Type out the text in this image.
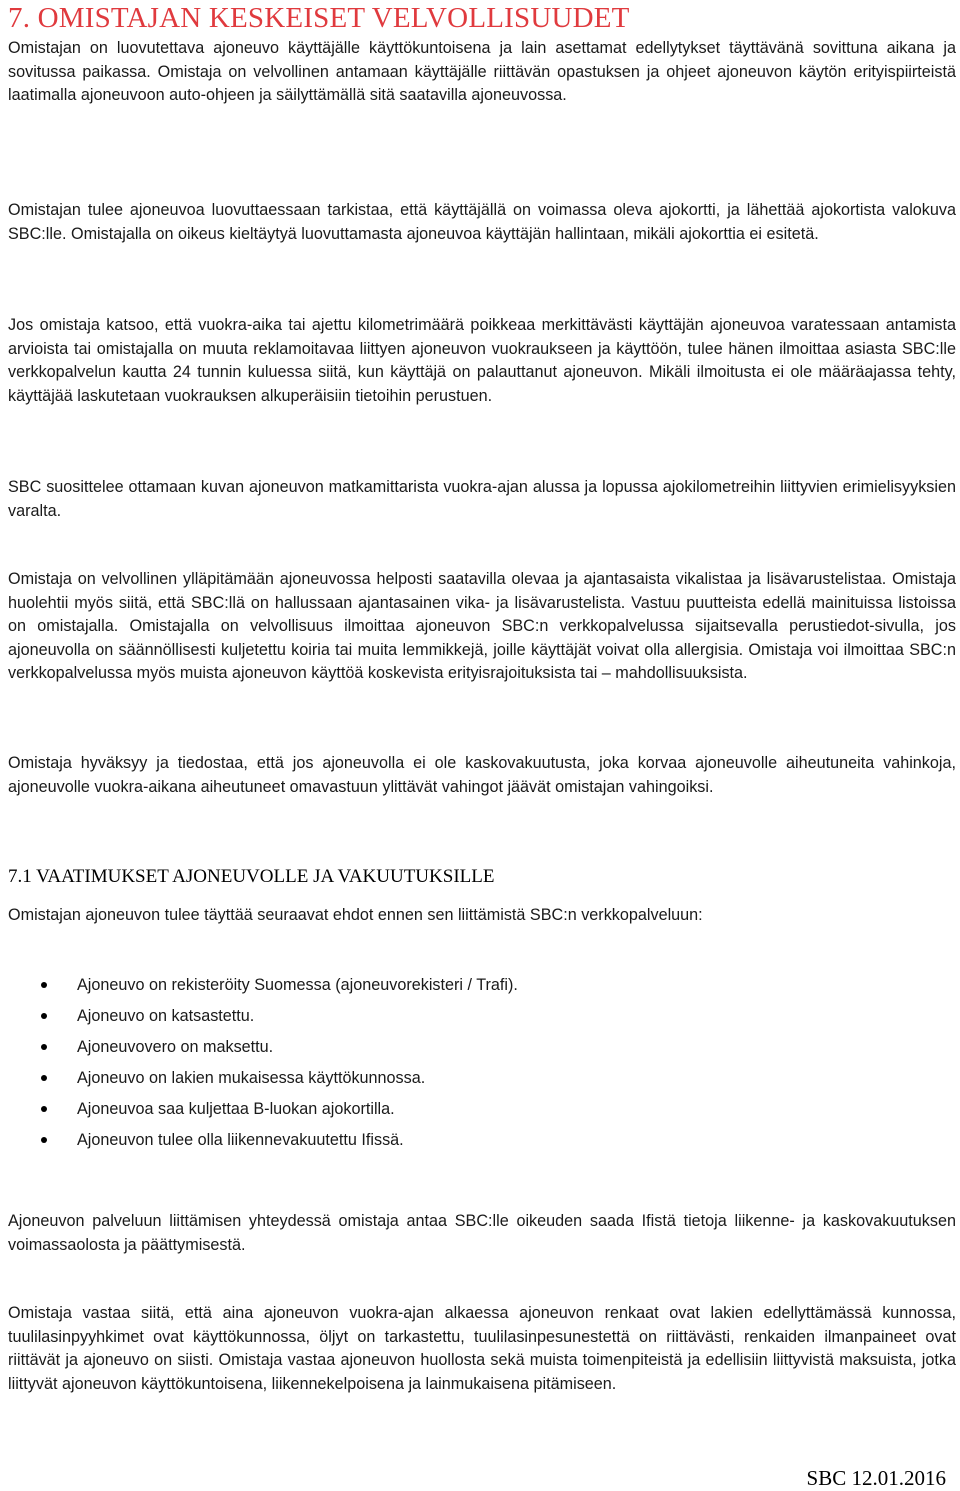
7. OMISTAJAN KESKEISET VELVOLLISUUDET

Omistajan on luovutettava ajoneuvo käyttäjälle käyttökuntoisena ja lain asettamat edellytykset täyttävänä sovittuna aikana ja sovitussa paikassa. Omistaja on velvollinen antamaan käyttäjälle riittävän opastuksen ja ohjeet ajoneuvon käytön erityispiirteistä laatimalla ajoneuvoon auto-ohjeen ja säilyttämällä sitä saatavilla ajoneuvossa.

Omistajan tulee ajoneuvoa luovuttaessaan tarkistaa, että käyttäjällä on voimassa oleva ajokortti, ja lähettää ajokortista valokuva SBC:lle. Omistajalla on oikeus kieltäytyä luovuttamasta ajoneuvoa käyttäjän hallintaan, mikäli ajokorttia ei esitetä.

Jos omistaja katsoo, että vuokra-aika tai ajettu kilometrimäärä poikkeaa merkittävästi käyttäjän ajoneuvoa varatessaan antamista arvioista tai omistajalla on muuta reklamoitavaa liittyen ajoneuvon vuokraukseen ja käyttöön, tulee hänen ilmoittaa asiasta SBC:lle verkkopalvelun kautta 24 tunnin kuluessa siitä, kun käyttäjä on palauttanut ajoneuvon. Mikäli ilmoitusta ei ole määräajassa tehty, käyttäjää laskutetaan vuokrauksen alkuperäisiin tietoihin perustuen.

SBC suosittelee ottamaan kuvan ajoneuvon matkamittarista vuokra-ajan alussa ja lopussa ajokilometreihin liittyvien erimielisyyksien varalta.

Omistaja on velvollinen ylläpitämään ajoneuvossa helposti saatavilla olevaa ja ajantasaista vikalistaa ja lisävarustelistaa. Omistaja huolehtii myös siitä, että SBC:llä on hallussaan ajantasainen vika- ja lisävarustelista. Vastuu puutteista edellä mainituissa listoissa on omistajalla. Omistajalla on velvollisuus ilmoittaa ajoneuvon SBC:n verkkopalvelussa sijaitsevalla perustiedot-sivulla, jos ajoneuvolla on säännöllisesti kuljetettu koiria tai muita lemmikkejä, joille käyttäjät voivat olla allergisia. Omistaja voi ilmoittaa SBC:n verkkopalvelussa myös muista ajoneuvon käyttöä koskevista erityisrajoituksista tai – mahdollisuuksista.

Omistaja hyväksyy ja tiedostaa, että jos ajoneuvolla ei ole kaskovakuutusta, joka korvaa ajoneuvolle aiheutuneita vahinkoja, ajoneuvolle vuokra-aikana aiheutuneet omavastuun ylittävät vahingot jäävät omistajan vahingoiksi.

7.1 VAATIMUKSET AJONEUVOLLE JA VAKUUTUKSILLE

Omistajan ajoneuvon tulee täyttää seuraavat ehdot ennen sen liittämistä SBC:n verkkopalveluun:

Ajoneuvo on rekisteröity Suomessa (ajoneuvorekisteri / Trafi).
Ajoneuvo on katsastettu.
Ajoneuvovero on maksettu.
Ajoneuvo on lakien mukaisessa käyttökunnossa.
Ajoneuvoa saa kuljettaa B-luokan ajokortilla.
Ajoneuvon tulee olla liikennevakuutettu Ifissä.

Ajoneuvon palveluun liittämisen yhteydessä omistaja antaa SBC:lle oikeuden saada Ifistä tietoja liikenne- ja kaskovakuutuksen voimassaolosta ja päättymisestä.

Omistaja vastaa siitä, että aina ajoneuvon vuokra-ajan alkaessa ajoneuvon renkaat ovat lakien edellyttämässä kunnossa, tuulilasinpyyhkimet ovat käyttökunnossa, öljyt on tarkastettu, tuulilasinpesunestettä on riittävästi, renkaiden ilmanpaineet ovat riittävät ja ajoneuvo on siisti. Omistaja vastaa ajoneuvon huollosta sekä muista toimenpiteistä ja edellisiin liittyvistä maksuista, jotka liittyvät ajoneuvon käyttökuntoisena, liikennekelpoisena ja lainmukaisena pitämiseen.

SBC 12.01.2016
